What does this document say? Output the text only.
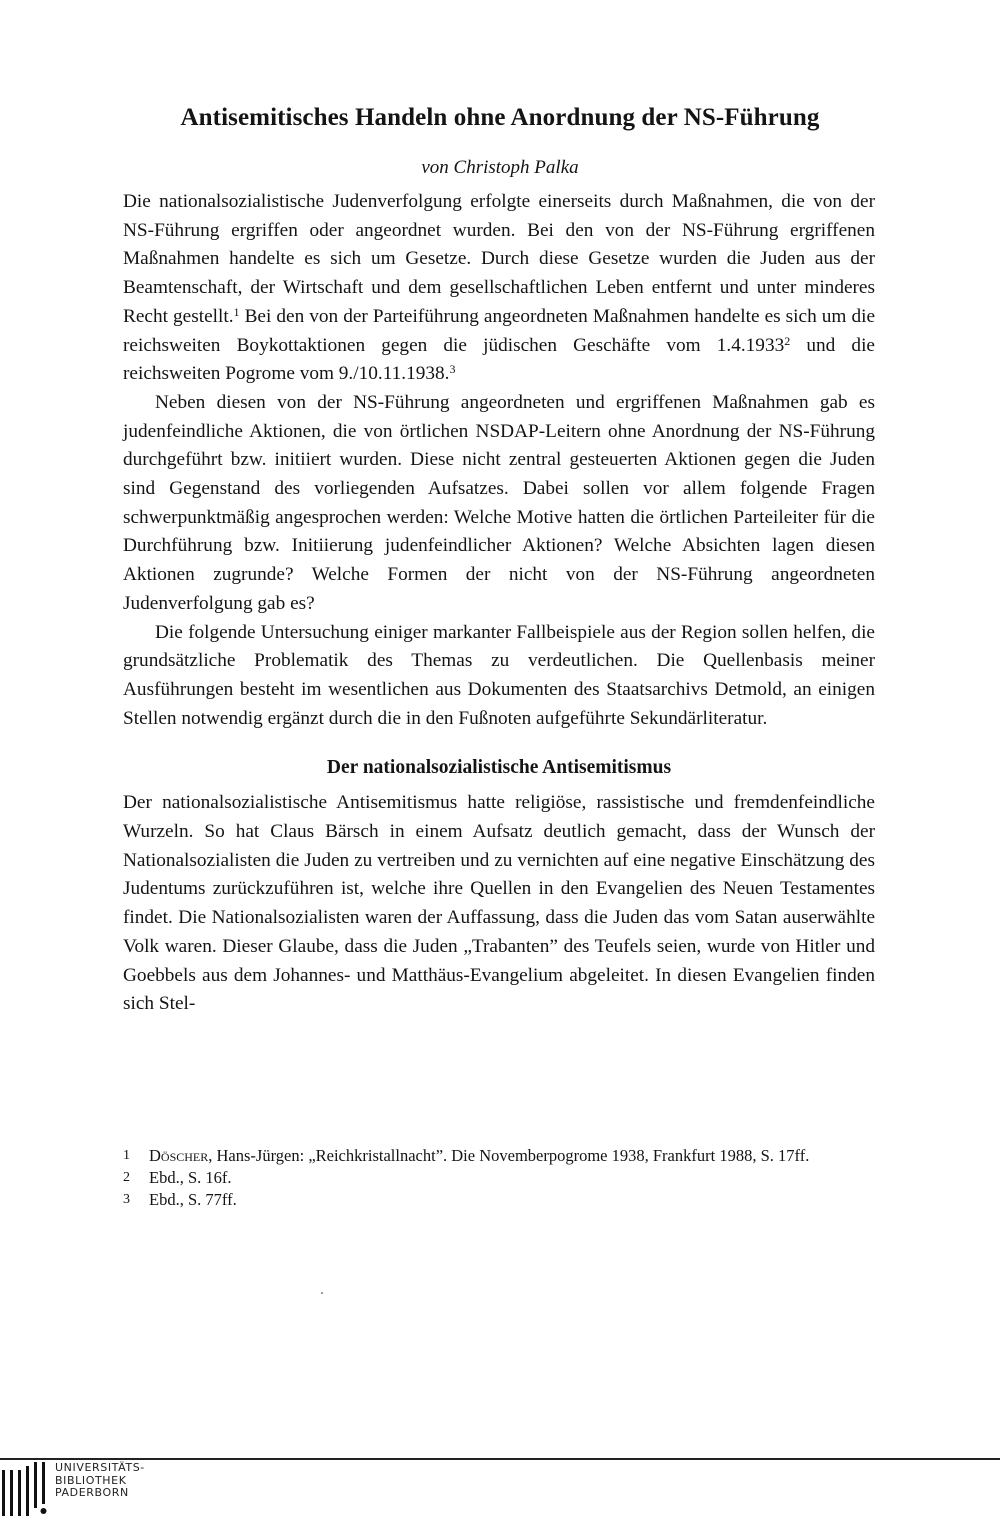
Antisemitisches Handeln ohne Anordnung der NS-Führung
von Christoph Palka

Die nationalsozialistische Judenverfolgung erfolgte einerseits durch Maßnahmen, die von der NS-Führung ergriffen oder angeordnet wurden. Bei den von der NS-Führung ergriffenen Maßnahmen handelte es sich um Gesetze. Durch diese Gesetze wurden die Juden aus der Beamtenschaft, der Wirtschaft und dem gesellschaftlichen Leben entfernt und unter minderes Recht gestellt.$^1$ Bei den von der Parteiführung angeordneten Maßnahmen handelte es sich um die reichsweiten Boykottaktionen gegen die jüdischen Geschäfte vom 1.4.1933$^2$ und die reichsweiten Pogrome vom 9./10.11.1938.$^3$

Neben diesen von der NS-Führung angeordneten und ergriffenen Maßnahmen gab es judenfeindliche Aktionen, die von örtlichen NSDAP-Leitern ohne Anordnung der NS-Führung durchgeführt bzw. initiiert wurden. Diese nicht zentral gesteuerten Aktionen gegen die Juden sind Gegenstand des vorliegenden Aufsatzes. Dabei sollen vor allem folgende Fragen schwerpunktmäßig angesprochen werden: Welche Motive hatten die örtlichen Parteileiter für die Durchführung bzw. Initiierung judenfeindlicher Aktionen? Welche Absichten lagen diesen Aktionen zugrunde? Welche Formen der nicht von der NS-Führung angeordneten Judenverfolgung gab es?

Die folgende Untersuchung einiger markanter Fallbeispiele aus der Region sollen helfen, die grundsätzliche Problematik des Themas zu verdeutlichen. Die Quellenbasis meiner Ausführungen besteht im wesentlichen aus Dokumenten des Staatsarchivs Detmold, an einigen Stellen notwendig ergänzt durch die in den Fußnoten aufgeführte Sekundärliteratur.

Der nationalsozialistische Antisemitismus

Der nationalsozialistische Antisemitismus hatte religiöse, rassistische und fremdenfeindliche Wurzeln. So hat Claus Bärsch in einem Aufsatz deutlich gemacht, dass der Wunsch der Nationalsozialisten die Juden zu vertreiben und zu vernichten auf eine negative Einschätzung des Judentums zurückzuführen ist, welche ihre Quellen in den Evangelien des Neuen Testamentes findet. Die Nationalsozialisten waren der Auffassung, dass die Juden das vom Satan auserwählte Volk waren. Dieser Glaube, dass die Juden „Trabanten” des Teufels seien, wurde von Hitler und Goebbels aus dem Johannes- und Matthäus-Evangelium abgeleitet. In diesen Evangelien finden sich Stel-

1	Döscher, Hans-Jürgen: „Reichkristallnacht”. Die Novemberpogrome 1938, Frankfurt 1988, S. 17ff.
2	Ebd., S. 16f.
3	Ebd., S. 77ff.
UNIVERSITÄTS-
BIBLIOTHEK
PADERBORN
